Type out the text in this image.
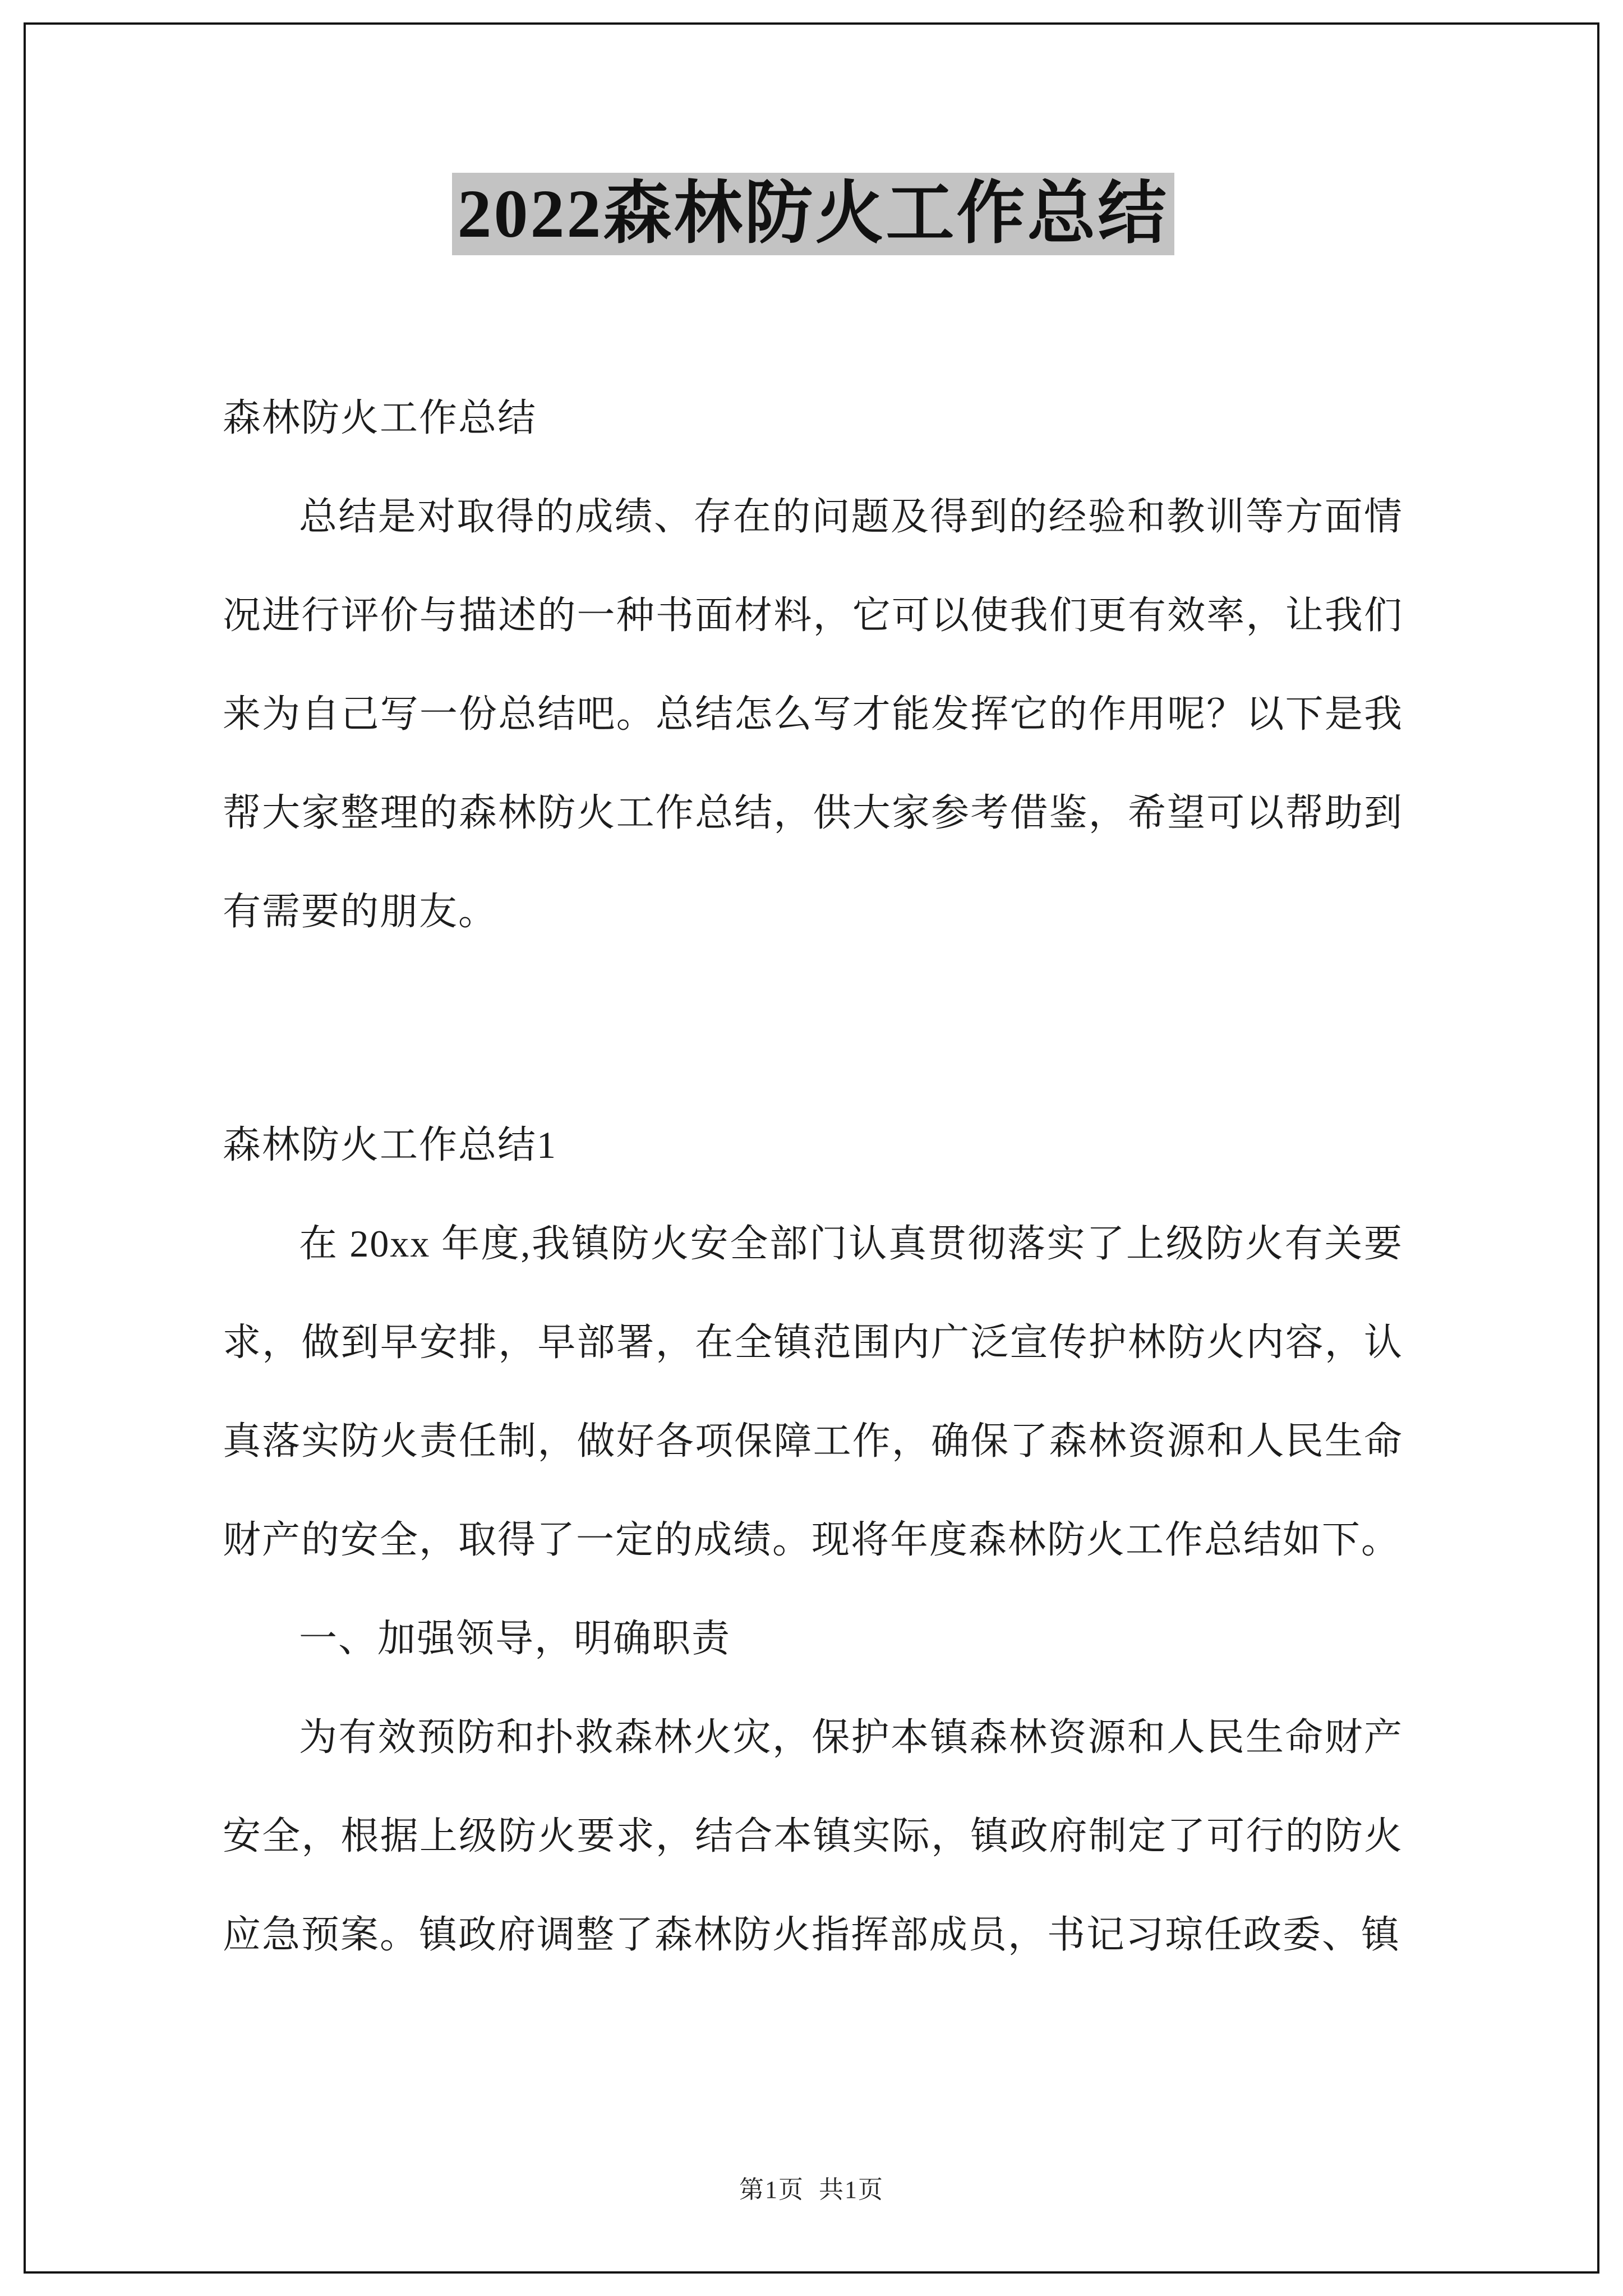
2022森林防火工作总结

森林防火工作总结

总结是对取得的成绩、存在的问题及得到的经验和教训等方面情况进行评价与描述的一种书面材料，它可以使我们更有效率，让我们来为自己写一份总结吧。总结怎么写才能发挥它的作用呢？以下是我帮大家整理的森林防火工作总结，供大家参考借鉴，希望可以帮助到有需要的朋友。

森林防火工作总结1

在 20xx 年度,我镇防火安全部门认真贯彻落实了上级防火有关要求，做到早安排，早部署，在全镇范围内广泛宣传护林防火内容，认真落实防火责任制，做好各项保障工作，确保了森林资源和人民生命财产的安全，取得了一定的成绩。现将年度森林防火工作总结如下。

一、加强领导，明确职责

为有效预防和扑救森林火灾，保护本镇森林资源和人民生命财产安全，根据上级防火要求，结合本镇实际，镇政府制定了可行的防火应急预案。镇政府调整了森林防火指挥部成员，书记习琼任政委、镇

第1页  共1页
